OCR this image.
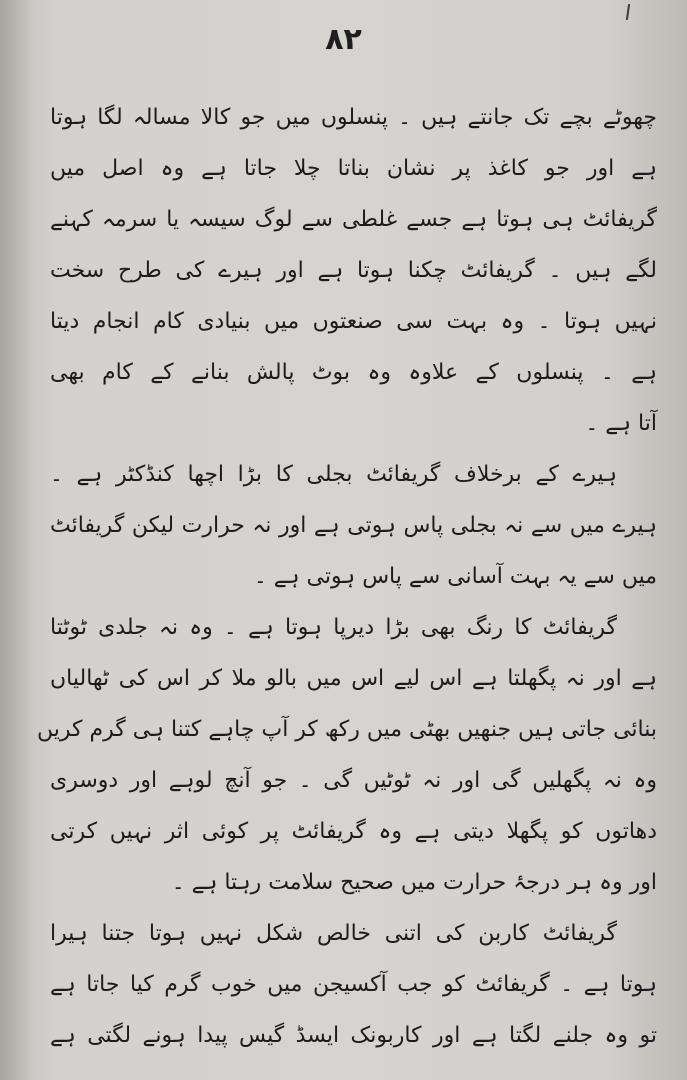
۸۲
چھوٹے بچے تک جانتے ہیں ۔ پنسلوں میں جو کالا مسالہ لگا ہوتا
ہے اور جو کاغذ پر نشان بناتا چلا جاتا ہے وہ اصل میں
گریفائٹ ہی ہوتا ہے جسے غلطی سے لوگ سیسہ یا سرمہ کہنے
لگے ہیں ۔ گریفائٹ چکنا ہوتا ہے اور ہیرے کی طرح سخت
نہیں ہوتا ۔ وہ بہت سی صنعتوں میں بنیادی کام انجام دیتا
ہے ۔ پنسلوں کے علاوہ وہ بوٹ پالش بنانے کے کام بھی
آتا ہے ۔
ہیرے کے برخلاف گریفائٹ بجلی کا بڑا اچھا کنڈکٹر ہے ۔
ہیرے میں سے نہ بجلی پاس ہوتی ہے اور نہ حرارت لیکن گریفائٹ
میں سے یہ بہت آسانی سے پاس ہوتی ہے ۔
گریفائٹ کا رنگ بھی بڑا دیرپا ہوتا ہے ۔ وہ نہ جلدی ٹوٹتا
ہے اور نہ پگھلتا ہے اس لیے اس میں بالو ملا کر اس کی ٹھالیاں
بنائی جاتی ہیں جنھیں بھٹی میں رکھ کر آپ چاہے کتنا ہی گرم کریں
وہ نہ پگھلیں گی اور نہ ٹوٹیں گی ۔ جو آنچ لوہے اور دوسری
دھاتوں کو پگھلا دیتی ہے وہ گریفائٹ پر کوئی اثر نہیں کرتی
اور وہ ہر درجۂ حرارت میں صحیح سلامت رہتا ہے ۔
گریفائٹ کاربن کی اتنی خالص شکل نہیں ہوتا جتنا ہیرا
ہوتا ہے ۔ گریفائٹ کو جب آکسیجن میں خوب گرم کیا جاتا ہے
تو وہ جلنے لگتا ہے اور کاربونک ایسڈ گیس پیدا ہونے لگتی ہے
